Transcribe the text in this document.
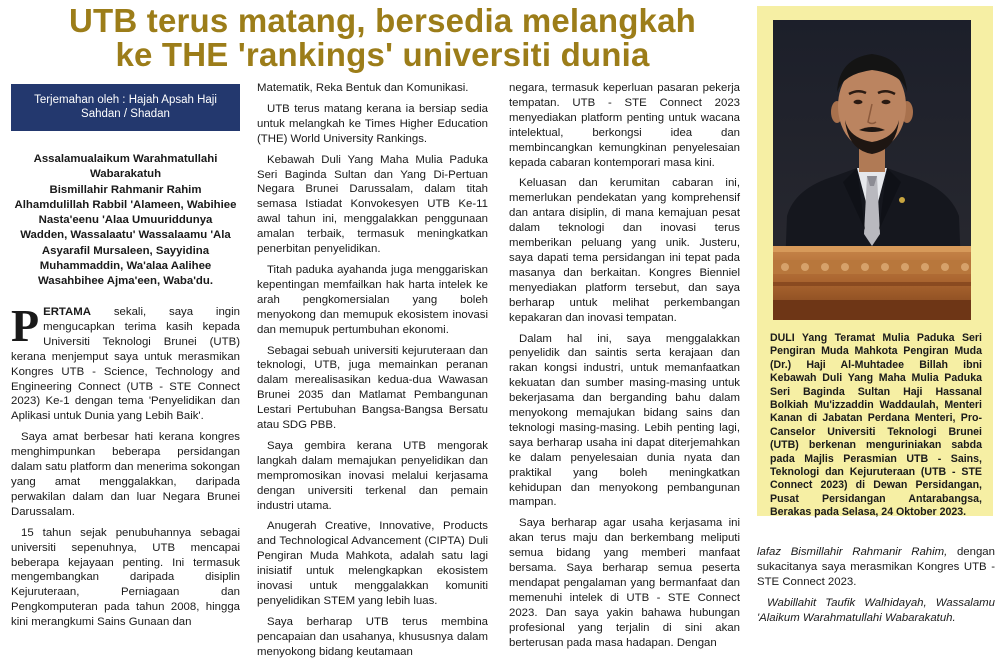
UTB terus matang, bersedia melangkah
ke THE 'rankings' universiti dunia
Terjemahan oleh : Hajah Apsah Haji
Sahdan / Shadan
Assalamualaikum Warahmatullahi
Wabarakatuh
Bismillahir Rahmanir Rahim
Alhamdulillah Rabbil 'Alameen, Wabihiee
Nasta'eenu 'Alaa Umuuriddunya
Wadden, Wassalaatu' Wassalaamu 'Ala
Asyarafil Mursaleen, Sayyidina
Muhammaddin, Wa'alaa Aalihee
Wasahbihee Ajma'een, Waba'du.

PERTAMA sekali, saya ingin mengucapkan terima kasih kepada Universiti Teknologi Brunei (UTB) kerana menjemput saya untuk merasmikan Kongres UTB - Science, Technology and Engineering Connect (UTB - STE Connect 2023) Ke-1 dengan tema 'Penyelidikan dan Aplikasi untuk Dunia yang Lebih Baik'.

Saya amat berbesar hati kerana kongres menghimpunkan beberapa persidangan dalam satu platform dan menerima sokongan yang amat menggalakkan, daripada perwakilan dalam dan luar Negara Brunei Darussalam.

15 tahun sejak penubuhannya sebagai universiti sepenuhnya, UTB mencapai beberapa kejayaan penting. Ini termasuk mengembangkan daripada disiplin Kejuruteraan, Perniagaan dan Pengkomputeran pada tahun 2008, hingga kini merangkumi Sains Gunaan dan

Matematik, Reka Bentuk dan Komunikasi.

UTB terus matang kerana ia bersiap sedia untuk melangkah ke Times Higher Education (THE) World University Rankings.

Kebawah Duli Yang Maha Mulia Paduka Seri Baginda Sultan dan Yang Di-Pertuan Negara Brunei Darussalam, dalam titah semasa Istiadat Konvokesyen UTB Ke-11 awal tahun ini, menggalakkan penggunaan amalan terbaik, termasuk meningkatkan penerbitan penyelidikan.

Titah paduka ayahanda juga menggariskan kepentingan memfailkan hak harta intelek ke arah pengkomersialan yang boleh menyokong dan memupuk ekosistem inovasi dan memupuk pertumbuhan ekonomi.

Sebagai sebuah universiti kejuruteraan dan teknologi, UTB, juga memainkan peranan dalam merealisasikan kedua-dua Wawasan Brunei 2035 dan Matlamat Pembangunan Lestari Pertubuhan Bangsa-Bangsa Bersatu atau SDG PBB.

Saya gembira kerana UTB mengorak langkah dalam memajukan penyelidikan dan mempromosikan inovasi melalui kerjasama dengan universiti terkenal dan pemain industri utama.

Anugerah Creative, Innovative, Products and Technological Advancement (CIPTA) Duli Pengiran Muda Mahkota, adalah satu lagi inisiatif untuk melengkapkan ekosistem inovasi untuk menggalakkan komuniti penyelidikan STEM yang lebih luas.

Saya berharap UTB terus membina pencapaian dan usahanya, khususnya dalam menyokong bidang keutamaan

negara, termasuk keperluan pasaran pekerja tempatan. UTB - STE Connect 2023 menyediakan platform penting untuk wacana intelektual, berkongsi idea dan membincangkan kemungkinan penyelesaian kepada cabaran kontemporari masa kini.

Keluasan dan kerumitan cabaran ini, memerlukan pendekatan yang komprehensif dan antara disiplin, di mana kemajuan pesat dalam teknologi dan inovasi terus memberikan peluang yang unik. Justeru, saya dapati tema persidangan ini tepat pada masanya dan berkaitan. Kongres Bienniel menyediakan platform tersebut, dan saya berharap untuk melihat perkembangan kepakaran dan inovasi tempatan.

Dalam hal ini, saya menggalakkan penyelidik dan saintis serta kerajaan dan rakan kongsi industri, untuk memanfaatkan kekuatan dan sumber masing-masing untuk bekerjasama dan berganding bahu dalam menyokong memajukan bidang sains dan teknologi masing-masing. Lebih penting lagi, saya berharap usaha ini dapat diterjemahkan ke dalam penyelesaian dunia nyata dan praktikal yang boleh meningkatkan kehidupan dan menyokong pembangunan mampan.

Saya berharap agar usaha kerjasama ini akan terus maju dan berkembang meliputi semua bidang yang memberi manfaat bersama. Saya berharap semua peserta mendapat pengalaman yang bermanfaat dan memenuhi intelek di UTB - STE Connect 2023. Dan saya yakin bahawa hubungan profesional yang terjalin di sini akan berterusan pada masa hadapan. Dengan

DULI Yang Teramat Mulia Paduka Seri Pengiran Muda Mahkota Pengiran Muda (Dr.) Haji Al-Muhtadee Billah ibni Kebawah Duli Yang Maha Mulia Paduka Seri Baginda Sultan Haji Hassanal Bolkiah Mu'izzaddin Waddaulah, Menteri Kanan di Jabatan Perdana Menteri, Pro-Canselor Universiti Teknologi Brunei (UTB) berkenan menguriniakan sabda pada Majlis Perasmian UTB - Sains, Teknologi dan Kejuruteraan (UTB - STE Connect 2023) di Dewan Persidangan, Pusat Persidangan Antarabangsa, Berakas pada Selasa, 24 Oktober 2023.

lafaz Bismillahir Rahmanir Rahim, dengan sukacitanya saya merasmikan Kongres UTB - STE Connect 2023.

Wabillahit Taufik Walhidayah, Wassalamu 'Alaikum Warahmatullahi Wabarakatuh.
